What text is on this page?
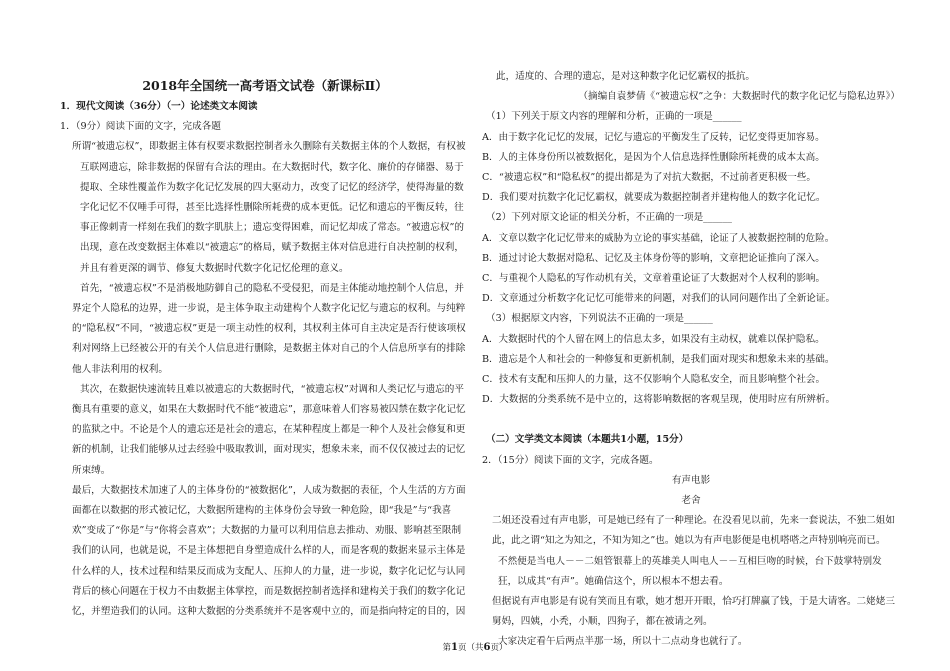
2018年全国统一高考语文试卷（新课标Ⅱ）

1．现代文阅读（36分）（一）论述类文本阅读

1．（9分）阅读下面的文字，完成各题

所谓“被遗忘权”，即数据主体有权要求数据控制者永久删除有关数据主体的个人数据，有权被互联网遗忘，除非数据的保留有合法的理由。在大数据时代，数字化、廉价的存储器、易于提取、全球性覆盖作为数字化记忆发展的四大驱动力，改变了记忆的经济学，使得海量的数字化记忆不仅唾手可得，甚至比选择性删除所耗费的成本更低。记忆和遗忘的平衡反转，往事正像刺青一样刻在我们的数字肌肤上；遗忘变得困难，而记忆却成了常态。“被遗忘权”的出现，意在改变数据主体难以“被遗忘”的格局，赋予数据主体对信息进行自决控制的权利，并且有着更深的调节、修复大数据时代数字化记忆伦理的意义。

首先，“被遗忘权”不是消极地防御自己的隐私不受侵犯，而是主体能动地控制个人信息，并界定个人隐私的边界，进一步说，是主体争取主动建构个人数字化记忆与遗忘的权利。与纯粹的“隐私权”不同，“被遗忘权”更是一项主动性的权利，其权利主体可自主决定是否行使该项权利对网络上已经被公开的有关个人信息进行删除，是数据主体对自己的个人信息所享有的排除他人非法利用的权利。

其次，在数据快速流转且难以被遗忘的大数据时代，“被遗忘权”对调和人类记忆与遗忘的平衡具有重要的意义，如果在大数据时代不能“被遗忘”，那意味着人们容易被囚禁在数字化记忆的监狱之中。不论是个人的遗忘还是社会的遗忘，在某种程度上都是一种个人及社会修复和更新的机制，让我们能够从过去经验中吸取教训，面对现实，想象未来，而不仅仅被过去的记忆所束缚。

最后，大数据技术加速了人的主体身份的“被数据化”，人成为数据的表征，个人生活的方方面面都在以数据的形式被记忆，大数据所建构的主体身份会导致一种危险，即“我是”与“我喜欢”变成了“你是”与“你将会喜欢”；大数据的力量可以利用信息去推动、劝服、影响甚至限制我们的认同，也就是说，不是主体想把自身塑造成什么样的人，而是客观的数据来显示主体是什么样的人，技术过程和结果反而成为支配人、压抑人的力量，进一步说，数字化记忆与认同背后的核心问题在于权力不由数据主体掌控，而是数据控制者选择和建构关于我们的数字化记忆，并塑造我们的认同。这种大数据的分类系统并不是客观中立的，而是指向特定的目的，因

此，适度的、合理的遗忘，是对这种数字化记忆霸权的抵抗。

（摘编自袁梦倩《“被遗忘权”之争：大数据时代的数字化记忆与隐私边界》）

（1）下列关于原文内容的理解和分析，正确的一项是______

A．由于数字化记忆的发展，记忆与遗忘的平衡发生了反转，记忆变得更加容易。

B．人的主体身份所以被数据化，是因为个人信息选择性删除所耗费的成本太高。

C．“被遗忘权”和“隐私权”的提出都是为了对抗大数据，不过前者更积极一些。

D．我们要对抗数字化记忆霸权，就要成为数据控制者并建构他人的数字化记忆。

（2）下列对原文论证的相关分析，不正确的一项是______

A．文章以数字化记忆带来的威胁为立论的事实基础，论证了人被数据控制的危险。

B．通过讨论大数据对隐私、记忆及主体身份等的影响，文章把论证推向了深入。

C．与重视个人隐私的写作动机有关，文章着重论证了大数据对个人权利的影响。

D．文章通过分析数字化记忆可能带来的问题，对我们的认同问题作出了全新论证。

（3）根据原文内容，下列说法不正确的一项是______

A．大数据时代的个人留在网上的信息太多，如果没有主动权，就难以保护隐私。

B．遗忘是个人和社会的一种修复和更新机制，是我们面对现实和想象未来的基础。

C．技术有支配和压抑人的力量，这不仅影响个人隐私安全，而且影响整个社会。

D．大数据的分类系统不是中立的，这将影响数据的客观呈现，使用时应有所辨析。

（二）文学类文本阅读（本题共1小题，15分）

2．（15分）阅读下面的文字，完成各题。

有声电影

老舍

二姐还没看过有声电影，可是她已经有了一种理论。在没看见以前，先来一套说法，不独二姐如此，此之谓“知之为知之，不知为知之”也。她以为有声电影便是电机嗒嗒之声特别响亮而已。

不然便是当电人－－二姐管银幕上的英雄美人叫电人－－互相巨吻的时候，台下鼓掌特别发狂，以成其“有声”。她确信这个，所以根本不想去看。

但据说有声电影是有说有笑而且有歌，她才想开开眼，恰巧打牌赢了钱，于是大请客。二姥姥三舅妈，四姨，小秃，小顺，四狗子，都在被请之列。

大家决定看午后两点半那一场，所以十二点动身也就行了。

第1页（共6页）
